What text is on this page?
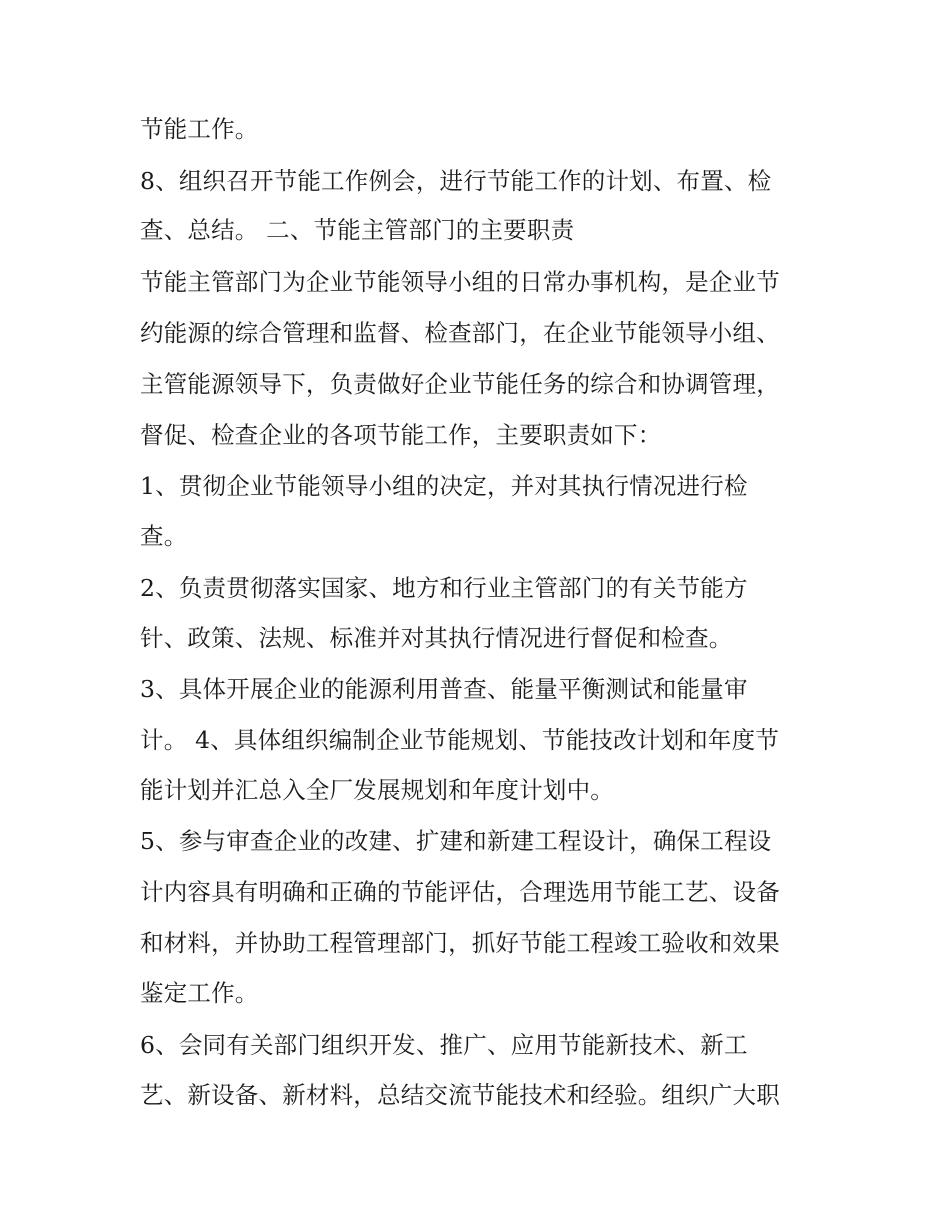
节能工作。
8、组织召开节能工作例会，进行节能工作的计划、布置、检
查、总结。 二、节能主管部门的主要职责
节能主管部门为企业节能领导小组的日常办事机构，是企业节
约能源的综合管理和监督、检查部门，在企业节能领导小组、
主管能源领导下，负责做好企业节能任务的综合和协调管理，
督促、检查企业的各项节能工作，主要职责如下：
1、贯彻企业节能领导小组的决定，并对其执行情况进行检
查。
2、负责贯彻落实国家、地方和行业主管部门的有关节能方
针、政策、法规、标准并对其执行情况进行督促和检查。
3、具体开展企业的能源利用普查、能量平衡测试和能量审
计。 4、具体组织编制企业节能规划、节能技改计划和年度节
能计划并汇总入全厂发展规划和年度计划中。
5、参与审查企业的改建、扩建和新建工程设计，确保工程设
计内容具有明确和正确的节能评估，合理选用节能工艺、设备
和材料，并协助工程管理部门，抓好节能工程竣工验收和效果
鉴定工作。
6、会同有关部门组织开发、推广、应用节能新技术、新工
艺、新设备、新材料，总结交流节能技术和经验。组织广大职
